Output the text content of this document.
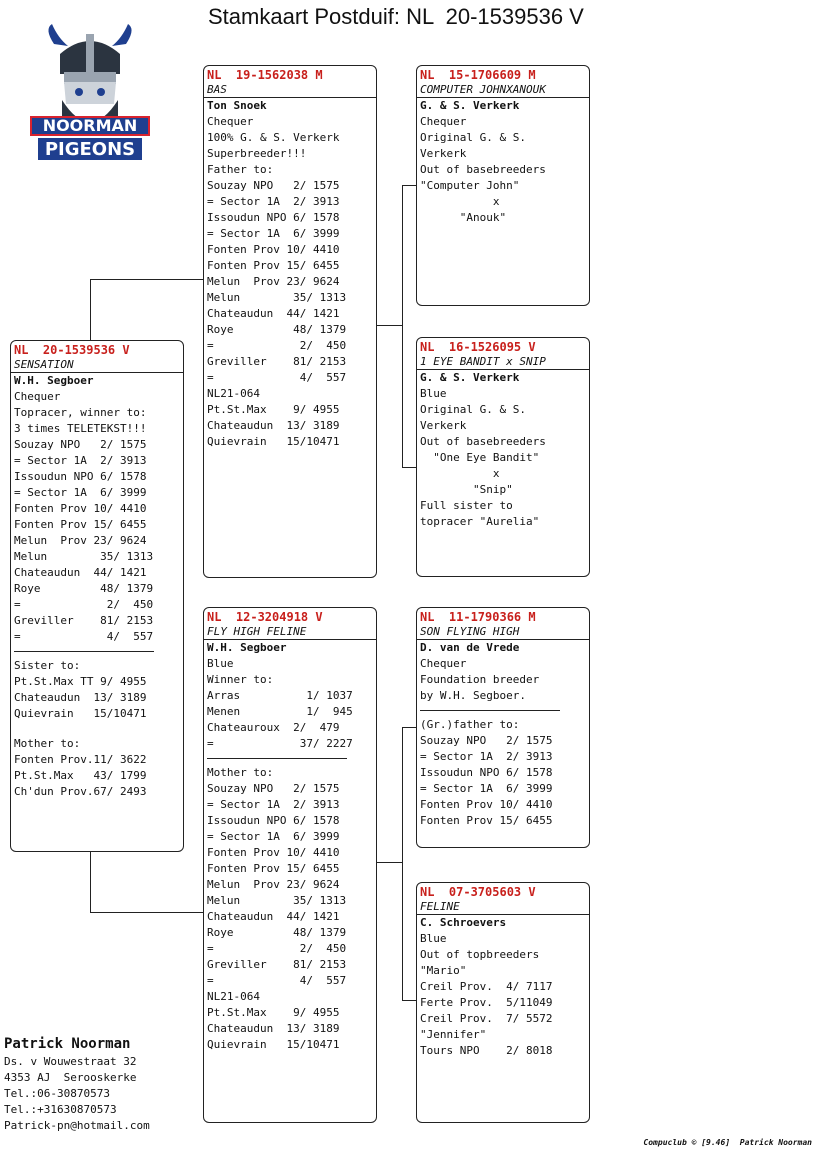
Stamkaart Postduif: NL  20-1539536 V
NOORMAN
PIGEONS
NL  20-1539536 V
SENSATION
W.H. Segboer
Chequer
Topracer, winner to:
3 times TELETEKST!!!
Souzay NPO   2/ 1575
= Sector 1A  2/ 3913
Issoudun NPO 6/ 1578
= Sector 1A  6/ 3999
Fonten Prov 10/ 4410
Fonten Prov 15/ 6455
Melun  Prov 23/ 9624
Melun        35/ 1313
Chateaudun  44/ 1421
Roye         48/ 1379
=             2/  450
Greviller    81/ 2153
=             4/  557
Sister to:
Pt.St.Max TT 9/ 4955
Chateaudun  13/ 3189
Quievrain   15/10471
Mother to:
Fonten Prov.11/ 3622
Pt.St.Max   43/ 1799
Ch'dun Prov.67/ 2493
NL  19-1562038 M
BAS
Ton Snoek
Chequer
100% G. & S. Verkerk
Superbreeder!!!
Father to:
Souzay NPO   2/ 1575
= Sector 1A  2/ 3913
Issoudun NPO 6/ 1578
= Sector 1A  6/ 3999
Fonten Prov 10/ 4410
Fonten Prov 15/ 6455
Melun  Prov 23/ 9624
Melun        35/ 1313
Chateaudun  44/ 1421
Roye         48/ 1379
=             2/  450
Greviller    81/ 2153
=             4/  557
NL21-064
Pt.St.Max    9/ 4955
Chateaudun  13/ 3189
Quievrain   15/10471
NL  12-3204918 V
FLY HIGH FELINE
W.H. Segboer
Blue
Winner to:
Arras          1/ 1037
Menen          1/  945
Chateauroux  2/  479
=             37/ 2227
Mother to:
Souzay NPO   2/ 1575
= Sector 1A  2/ 3913
Issoudun NPO 6/ 1578
= Sector 1A  6/ 3999
Fonten Prov 10/ 4410
Fonten Prov 15/ 6455
Melun  Prov 23/ 9624
Melun        35/ 1313
Chateaudun  44/ 1421
Roye         48/ 1379
=             2/  450
Greviller    81/ 2153
=             4/  557
NL21-064
Pt.St.Max    9/ 4955
Chateaudun  13/ 3189
Quievrain   15/10471
NL  15-1706609 M
COMPUTER JOHNXANOUK
G. & S. Verkerk
Chequer
Original G. & S.
Verkerk
Out of basebreeders
"Computer John"
x
"Anouk"
NL  16-1526095 V
1 EYE BANDIT x SNIP
G. & S. Verkerk
Blue
Original G. & S.
Verkerk
Out of basebreeders
"One Eye Bandit"
x
"Snip"
Full sister to
topracer "Aurelia"
NL  11-1790366 M
SON FLYING HIGH
D. van de Vrede
Chequer
Foundation breeder
by W.H. Segboer.
(Gr.)father to:
Souzay NPO   2/ 1575
= Sector 1A  2/ 3913
Issoudun NPO 6/ 1578
= Sector 1A  6/ 3999
Fonten Prov 10/ 4410
Fonten Prov 15/ 6455
NL  07-3705603 V
FELINE
C. Schroevers
Blue
Out of topbreeders
"Mario"
Creil Prov.  4/ 7117
Ferte Prov.  5/11049
Creil Prov.  7/ 5572
"Jennifer"
Tours NPO    2/ 8018
Patrick Noorman
Ds. v Wouwestraat 32
4353 AJ  Serooskerke
Tel.:06-30870573
Tel.:+31630870573
Patrick-pn@hotmail.com
Compuclub © [9.46]  Patrick Noorman
